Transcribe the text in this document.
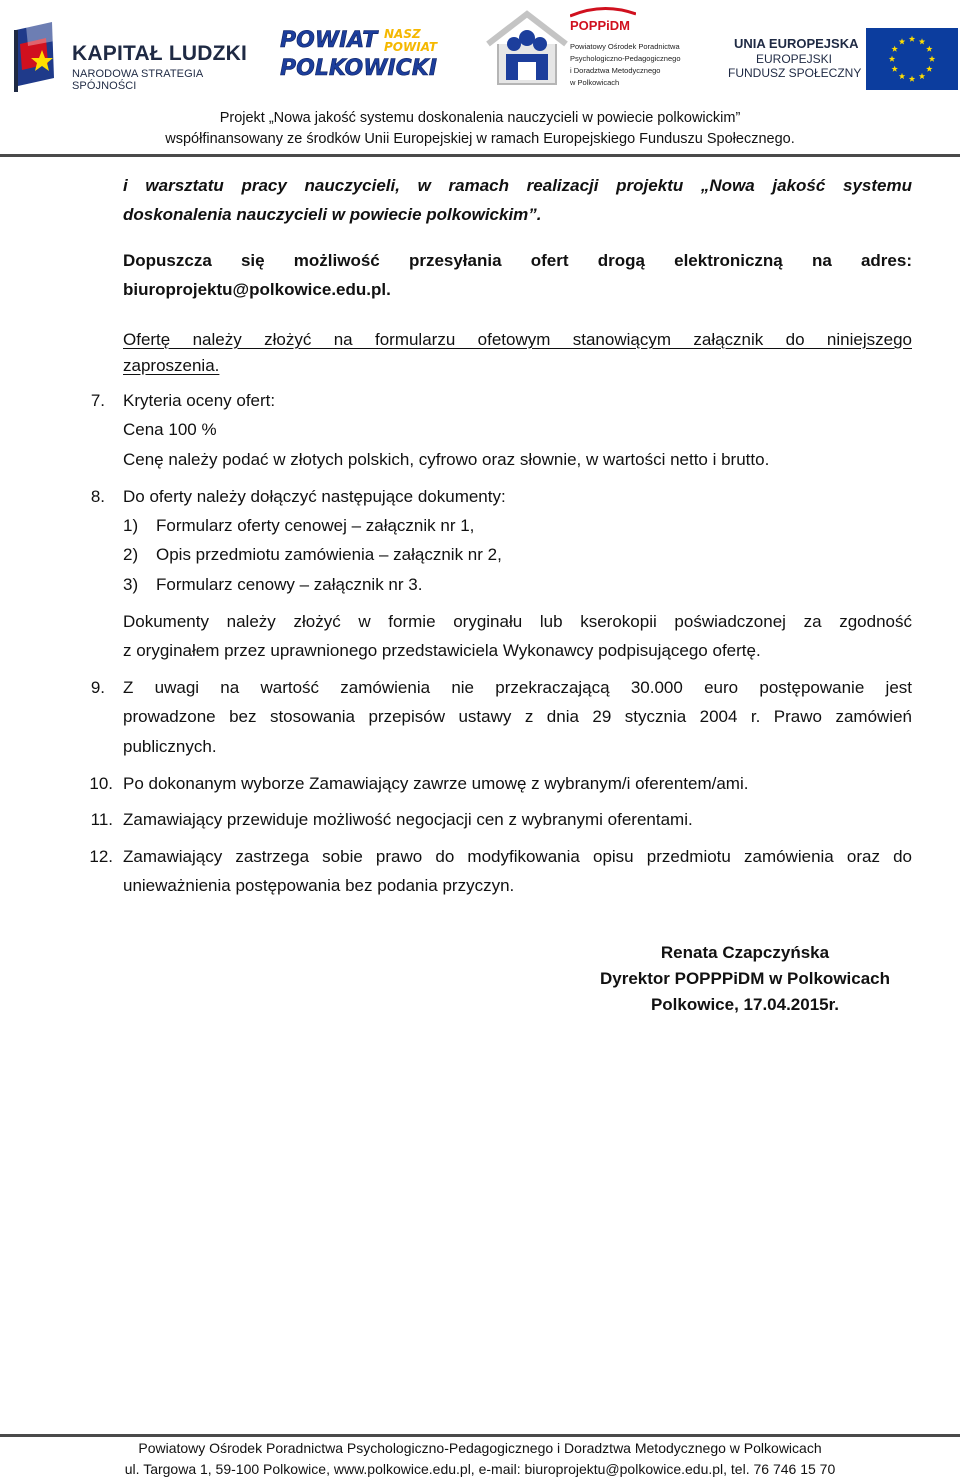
KAPITAŁ LUDZKI
NARODOWA STRATEGIA SPÓJNOŚCI
POWIAT
POLKOWICKI
NASZ
POWIAT
POPPiDM
Powiatowy Ośrodek Poradnictwa
Psychologiczno-Pedagogicznego
i Doradztwa Metodycznego
w Polkowicach
UNIA EUROPEJSKA
EUROPEJSKI
FUNDUSZ SPOŁECZNY
Projekt „Nowa jakość systemu doskonalenia nauczycieli w powiecie polkowickim”
współfinansowany ze środków Unii Europejskiej w ramach Europejskiego Funduszu Społecznego.
i warsztatu pracy nauczycieli, w ramach realizacji projektu „Nowa jakość systemu
doskonalenia nauczycieli w powiecie polkowickim”.
Dopuszcza się możliwość przesyłania ofert drogą elektroniczną na adres:
biuroprojektu@polkowice.edu.pl.
Ofertę należy złożyć na formularzu ofetowym stanowiącym załącznik do niniejszego
zaproszenia.
7. Kryteria oceny ofert:
Cena 100 %
Cenę należy podać w złotych polskich, cyfrowo oraz słownie, w wartości netto i brutto.
8. Do oferty należy dołączyć następujące dokumenty:
1) Formularz oferty cenowej – załącznik nr 1,
2) Opis przedmiotu zamówienia – załącznik nr 2,
3) Formularz cenowy – załącznik nr 3.
Dokumenty należy złożyć w formie oryginału lub kserokopii poświadczonej za zgodność
z oryginałem przez uprawnionego przedstawiciela Wykonawcy podpisującego ofertę.
9. Z uwagi na wartość zamówienia nie przekraczającą 30.000 euro postępowanie jest
prowadzone bez stosowania przepisów ustawy z dnia 29 stycznia 2004 r. Prawo zamówień
publicznych.
10. Po dokonanym wyborze Zamawiający zawrze umowę z wybranym/i oferentem/ami.
11. Zamawiający przewiduje możliwość negocjacji cen z wybranymi oferentami.
12. Zamawiający zastrzega sobie prawo do modyfikowania opisu przedmiotu zamówienia oraz do
unieważnienia postępowania bez podania przyczyn.
Renata Czapczyńska
Dyrektor POPPPiDM w Polkowicach
Polkowice, 17.04.2015r.
Powiatowy Ośrodek Poradnictwa Psychologiczno-Pedagogicznego i Doradztwa Metodycznego w Polkowicach
ul. Targowa 1, 59-100 Polkowice, www.polkowice.edu.pl, e-mail: biuroprojektu@polkowice.edu.pl, tel. 76 746 15 70
